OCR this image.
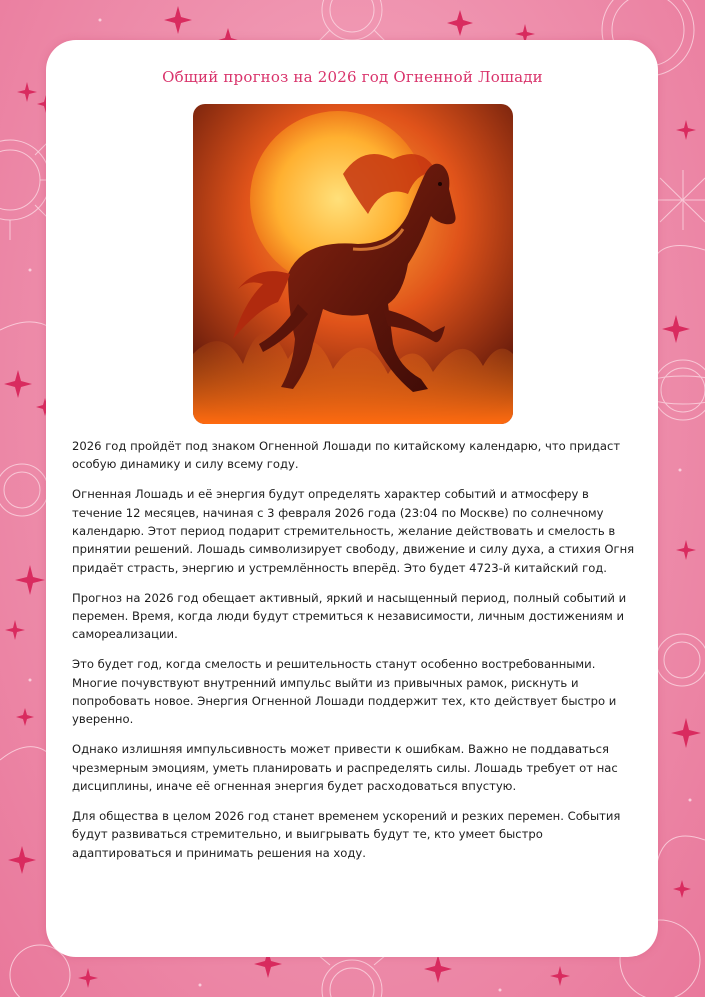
Общий прогноз на 2026 год Огненной Лошади

2026 год пройдёт под знаком Огненной Лошади по китайскому календарю, что придаст особую динамику и силу всему году.

Огненная Лошадь и её энергия будут определять характер событий и атмосферу в течение 12 месяцев, начиная с 3 февраля 2026 года (23:04 по Москве) по солнечному календарю. Этот период подарит стремительность, желание действовать и смелость в принятии решений. Лошадь символизирует свободу, движение и силу духа, а стихия Огня придаёт страсть, энергию и устремлённость вперёд. Это будет 4723-й китайский год.

Прогноз на 2026 год обещает активный, яркий и насыщенный период, полный событий и перемен. Время, когда люди будут стремиться к независимости, личным достижениям и самореализации.

Это будет год, когда смелость и решительность станут особенно востребованными. Многие почувствуют внутренний импульс выйти из привычных рамок, рискнуть и попробовать новое. Энергия Огненной Лошади поддержит тех, кто действует быстро и уверенно.

Однако излишняя импульсивность может привести к ошибкам. Важно не поддаваться чрезмерным эмоциям, уметь планировать и распределять силы. Лошадь требует от нас дисциплины, иначе её огненная энергия будет расходоваться впустую.

Для общества в целом 2026 год станет временем ускорений и резких перемен. События будут развиваться стремительно, и выигрывать будут те, кто умеет быстро адаптироваться и принимать решения на ходу.
